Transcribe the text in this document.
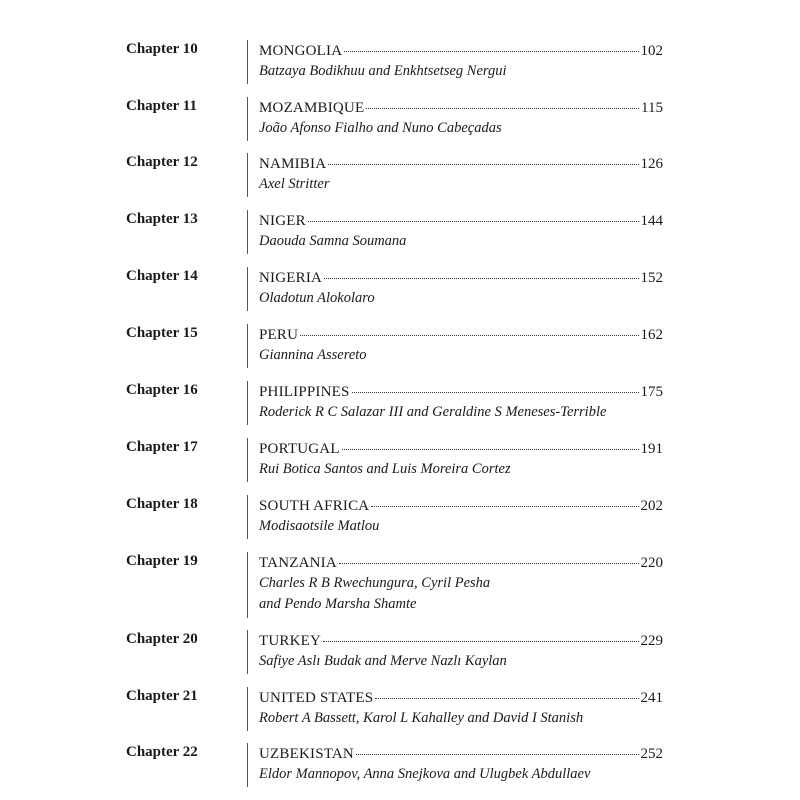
Chapter 10	MONGOLIA	102
Batzaya Bodikhuu and Enkhtsetseg Nergui
Chapter 11	MOZAMBIQUE	115
João Afonso Fialho and Nuno Cabeçadas
Chapter 12	NAMIBIA	126
Axel Stritter
Chapter 13	NIGER	144
Daouda Samna Soumana
Chapter 14	NIGERIA	152
Oladotun Alokolaro
Chapter 15	PERU	162
Giannina Assereto
Chapter 16	PHILIPPINES	175
Roderick R C Salazar III and Geraldine S Meneses-Terrible
Chapter 17	PORTUGAL	191
Rui Botica Santos and Luis Moreira Cortez
Chapter 18	SOUTH AFRICA	202
Modisaotsile Matlou
Chapter 19	TANZANIA	220
Charles R B Rwechungura, Cyril Pesha
and Pendo Marsha Shamte
Chapter 20	TURKEY	229
Safiye Aslı Budak and Merve Nazlı Kaylan
Chapter 21	UNITED STATES	241
Robert A Bassett, Karol L Kahalley and David I Stanish
Chapter 22	UZBEKISTAN	252
Eldor Mannopov, Anna Snejkova and Ulugbek Abdullaev
